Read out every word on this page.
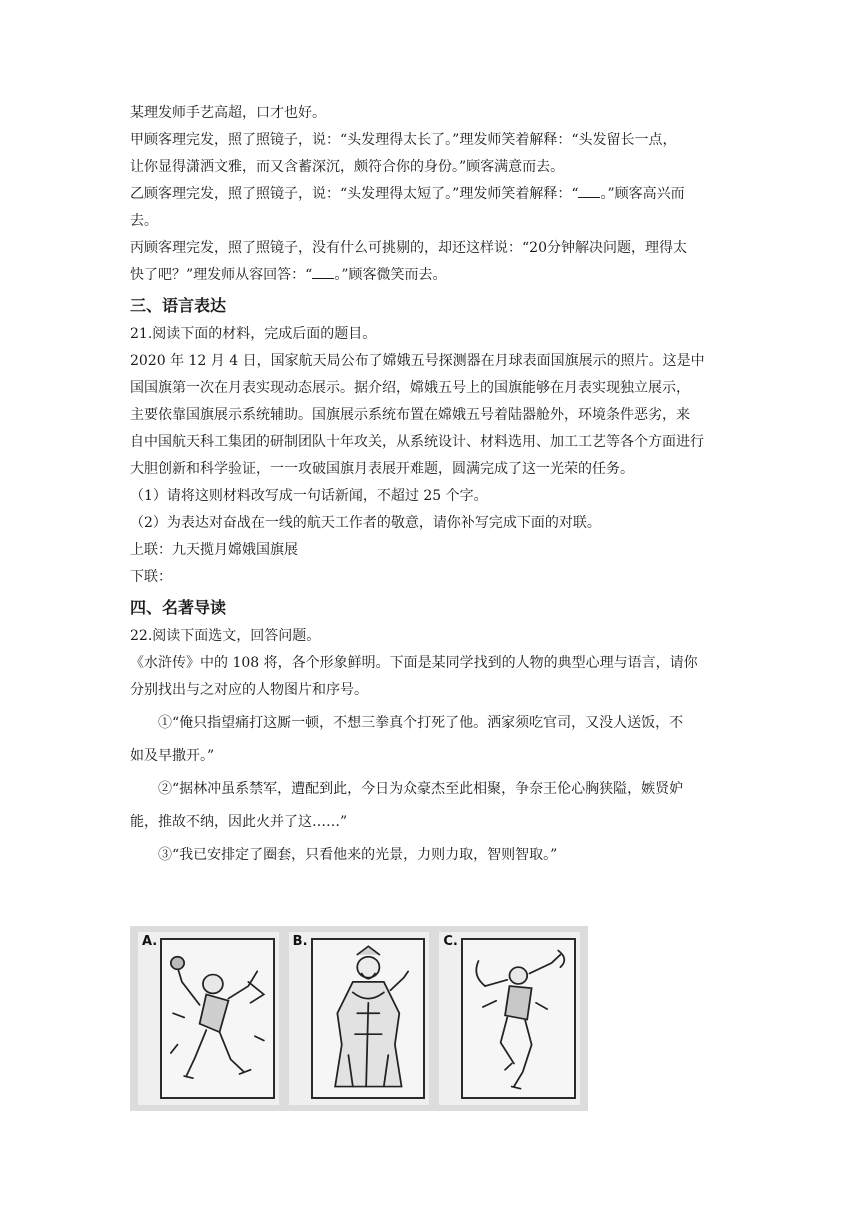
某理发师手艺高超，口才也好。
甲顾客理完发，照了照镜子，说：“头发理得太长了。”理发师笑着解释：“头发留长一点，
让你显得潇洒文雅，而又含蓄深沉，颇符合你的身份。”顾客满意而去。
乙顾客理完发，照了照镜子，说：“头发理得太短了。”理发师笑着解释：“ 。”顾客高兴而
去。
丙顾客理完发，照了照镜子，没有什么可挑剔的，却还这样说：“20分钟解决问题，理得太
快了吧？”理发师从容回答：“ 。”顾客微笑而去。
三、语言表达
21.阅读下面的材料，完成后面的题目。
2020 年 12 月 4 日，国家航天局公布了嫦娥五号探测器在月球表面国旗展示的照片。这是中
国国旗第一次在月表实现动态展示。据介绍，嫦娥五号上的国旗能够在月表实现独立展示，
主要依靠国旗展示系统辅助。国旗展示系统布置在嫦娥五号着陆器舱外，环境条件恶劣，来
自中国航天科工集团的研制团队十年攻关，从系统设计、材料选用、加工工艺等各个方面进行
大胆创新和科学验证，一一攻破国旗月表展开难题，圆满完成了这一光荣的任务。
（1）请将这则材料改写成一句话新闻，不超过 25 个字。
（2）为表达对奋战在一线的航天工作者的敬意，请你补写完成下面的对联。
上联：九天揽月嫦娥国旗展
下联：
四、名著导读
22.阅读下面选文，回答问题。
《水浒传》中的 108 将，各个形象鲜明。下面是某同学找到的人物的典型心理与语言，请你
分别找出与之对应的人物图片和序号。
①“俺只指望痛打这厮一顿，不想三拳真个打死了他。洒家须吃官司，又没人送饭，不
如及早撒开。”
②“据林冲虽系禁军，遭配到此，今日为众豪杰至此相聚，争奈王伦心胸狭隘，嫉贤妒
能，推故不纳，因此火并了这……”
③“我已安排定了圈套，只看他来的光景，力则力取，智则智取。”
A.	B.	C.
